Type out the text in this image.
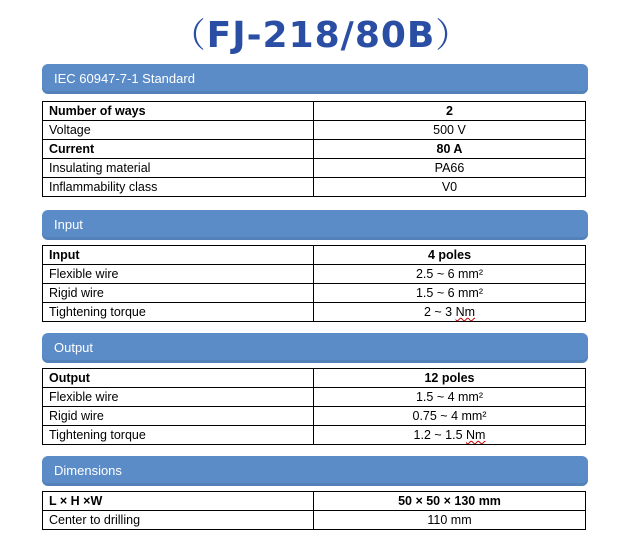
（FJ-218/80B）
IEC 60947-7-1 Standard
Number of ways	2
Voltage	500 V
Current	80 A
Insulating material	PA66
Inflammability class	V0
Input
Input	4 poles
Flexible wire	2.5 ~ 6 mm²
Rigid wire	1.5 ~ 6 mm²
Tightening torque	2 ~ 3 Nm
Output
Output	12 poles
Flexible wire	1.5 ~ 4 mm²
Rigid wire	0.75 ~ 4 mm²
Tightening torque	1.2 ~ 1.5 Nm
Dimensions
L × H ×W	50 × 50 × 130 mm
Center to drilling	110 mm
